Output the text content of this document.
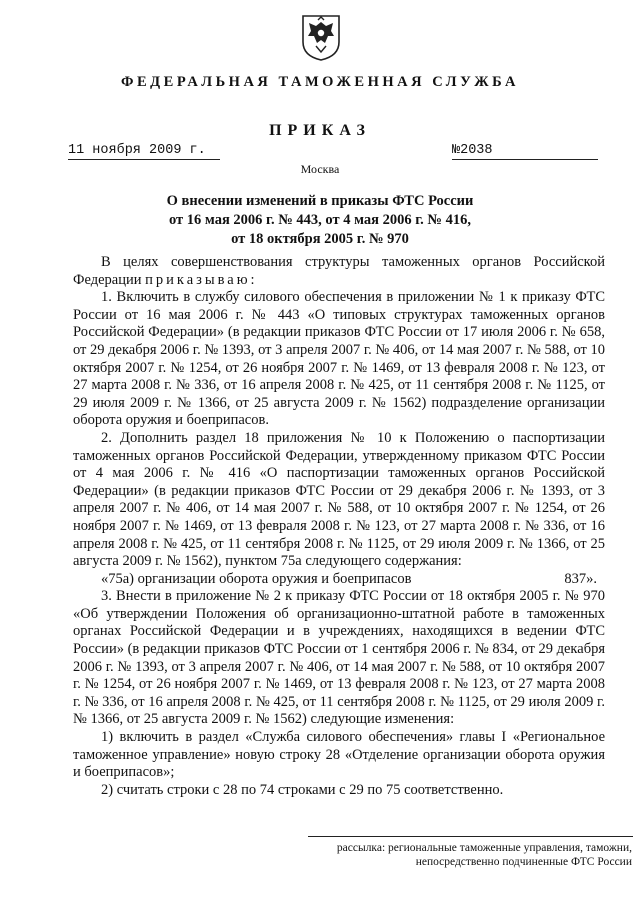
ФЕДЕРАЛЬНАЯ ТАМОЖЕННАЯ СЛУЖБА
ПРИКАЗ
11 ноября 2009 г.	№2038
Москва
О внесении изменений в приказы ФТС России
от 16 мая 2006 г. № 443, от 4 мая 2006 г. № 416,
от 18 октября 2005 г. № 970

В целях совершенствования структуры таможенных органов Российской Федерации приказываю:

1. Включить в службу силового обеспечения в приложении № 1 к приказу ФТС России от 16 мая 2006 г. № 443 «О типовых структурах таможенных органов Российской Федерации» (в редакции приказов ФТС России от 17 июля 2006 г. № 658, от 29 декабря 2006 г. № 1393, от 3 апреля 2007 г. № 406, от 14 мая 2007 г. № 588, от 10 октября 2007 г. № 1254, от 26 ноября 2007 г. № 1469, от 13 февраля 2008 г. № 123, от 27 марта 2008 г. № 336, от 16 апреля 2008 г. № 425, от 11 сентября 2008 г. № 1125, от 29 июля 2009 г. № 1366, от 25 августа 2009 г. № 1562) подразделение организации оборота оружия и боеприпасов.

2. Дополнить раздел 18 приложения № 10 к Положению о паспортизации таможенных органов Российской Федерации, утвержденному приказом ФТС России от 4 мая 2006 г. № 416 «О паспортизации таможенных органов Российской Федерации» (в редакции приказов ФТС России от 29 декабря 2006 г. № 1393, от 3 апреля 2007 г. № 406, от 14 мая 2007 г. № 588, от 10 октября 2007 г. № 1254, от 26 ноября 2007 г. № 1469, от 13 февраля 2008 г. № 123, от 27 марта 2008 г. № 336, от 16 апреля 2008 г. № 425, от 11 сентября 2008 г. № 1125, от 29 июля 2009 г. № 1366, от 25 августа 2009 г. № 1562), пунктом 75а следующего содержания:

«75а) организации оборота оружия и боеприпасов	837».

3. Внести в приложение № 2 к приказу ФТС России от 18 октября 2005 г. № 970 «Об утверждении Положения об организационно-штатной работе в таможенных органах Российской Федерации и в учреждениях, находящихся в ведении ФТС России» (в редакции приказов ФТС России от 1 сентября 2006 г. № 834, от 29 декабря 2006 г. № 1393, от 3 апреля 2007 г. № 406, от 14 мая 2007 г. № 588, от 10 октября 2007 г. № 1254, от 26 ноября 2007 г. № 1469, от 13 февраля 2008 г. № 123, от 27 марта 2008 г. № 336, от 16 апреля 2008 г. № 425, от 11 сентября 2008 г. № 1125, от 29 июля 2009 г. № 1366, от 25 августа 2009 г. № 1562) следующие изменения:

1) включить в раздел «Служба силового обеспечения» главы I «Региональное таможенное управление» новую строку 28 «Отделение организации оборота оружия и боеприпасов»;

2) считать строки с 28 по 74 строками с 29 по 75 соответственно.

рассылка: региональные таможенные управления, таможни,
непосредственно подчиненные ФТС России
